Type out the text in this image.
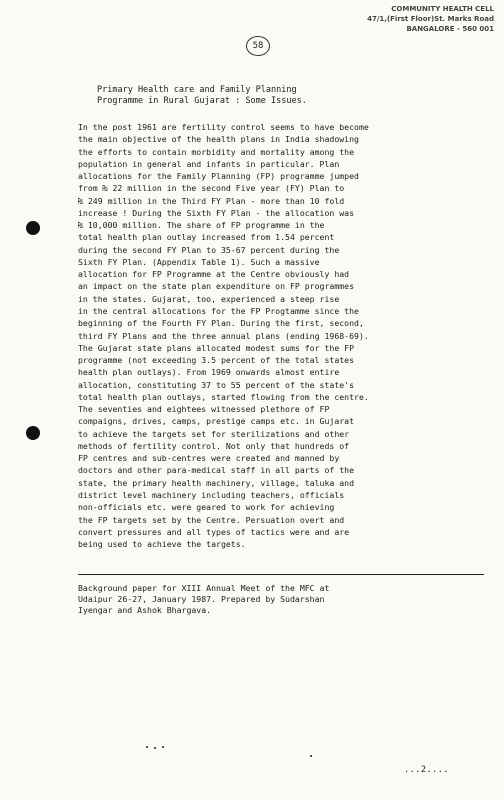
COMMUNITY HEALTH CELL
47/1,(First Floor)St. Marks Road
BANGALORE - 560 001
58
Primary Health care and Family Planning
Programme in Rural Gujarat : Some Issues.
In the post 1961 are fertility control seems to have become
the main objective of the health plans in India shadowing
the efforts to contain morbidity and mortality among the
population in general and infants in particular. Plan
allocations for the Family Planning (FP) programme jumped
from ₨ 22 million in the second Five year (FY) Plan to
₨ 249 million in the Third FY Plan - more than 10 fold
increase ! During the Sixth FY Plan - the allocation was
₨ 10,000 million. The share of FP programme in the
total health plan outlay increased from 1.54 percent
during the second FY Plan to 35-67 percent during the
Sixth FY Plan. (Appendix Table 1). Such a massive
allocation for FP Programme at the Centre obviously had
an impact on the state plan expenditure on FP programmes
in the states. Gujarat, too, experienced a steep rise
in the central allocations for the FP Progtamme since the
beginning of the Fourth FY Plan. During the first, second,
third FY Plans and the three annual plans (ending 1968-69).
The Gujarat state plans allocated modest sums for the FP
programme (not exceeding 3.5 percent of the total states
health plan outlays). From 1969 onwards almost entire
allocation, constituting 37 to 55 percent of the state's
total health plan outlays, started flowing from the centre.
The seventies and eightees witnessed plethore of FP
compaigns, drives, camps, prestige camps etc. in Gujarat
to achieve the targets set for sterilizations and other
methods of fertility control. Not only that hundreds of
FP centres and sub-centres were created and manned by
doctors and other para-medical staff in all parts of the
state, the primary health machinery, village, taluka and
district level machinery including teachers, officials
non-officials etc. were geared to work for achieving
the FP targets set by the Centre. Persuation overt and
convert pressures and all types of tactics were and are
being used to achieve the targets.
Background paper for XIII Annual Meet of the MFC at
Udaipur 26-27, January 1987. Prepared by Sudarshan
Iyengar and Ashok Bhargava.
...2....
